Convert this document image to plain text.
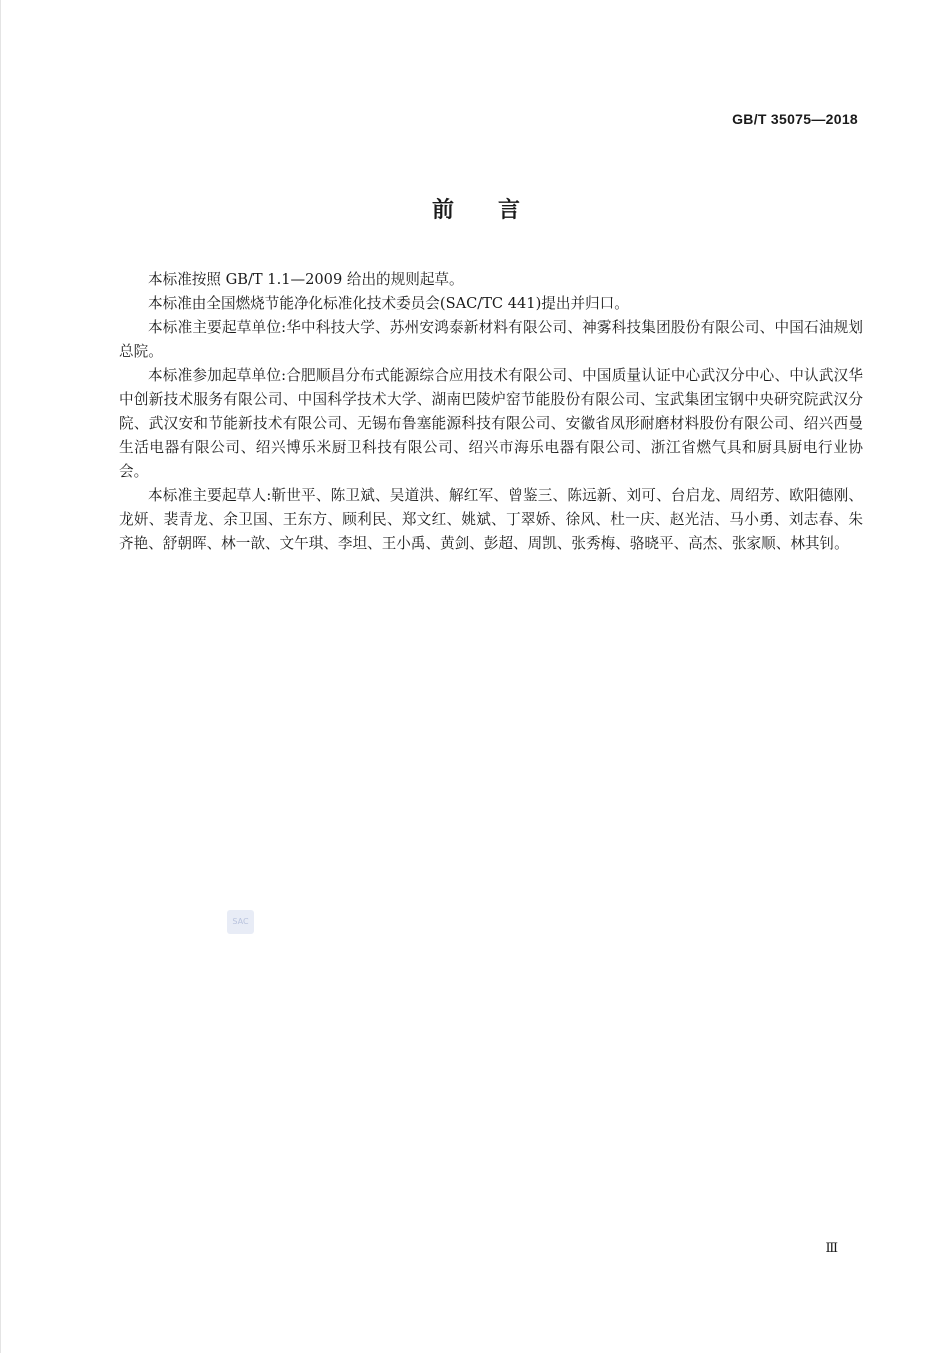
GB/T 35075—2018
前言

本标准按照 GB/T 1.1—2009 给出的规则起草。

本标准由全国燃烧节能净化标准化技术委员会(SAC/TC 441)提出并归口。

本标准主要起草单位:华中科技大学、苏州安鸿泰新材料有限公司、神雾科技集团股份有限公司、中国石油规划总院。

本标准参加起草单位:合肥顺昌分布式能源综合应用技术有限公司、中国质量认证中心武汉分中心、中认武汉华中创新技术服务有限公司、中国科学技术大学、湖南巴陵炉窑节能股份有限公司、宝武集团宝钢中央研究院武汉分院、武汉安和节能新技术有限公司、无锡布鲁塞能源科技有限公司、安徽省凤形耐磨材料股份有限公司、绍兴西曼生活电器有限公司、绍兴博乐米厨卫科技有限公司、绍兴市海乐电器有限公司、浙江省燃气具和厨具厨电行业协会。

本标准主要起草人:靳世平、陈卫斌、吴道洪、解红军、曾鉴三、陈远新、刘可、台启龙、周绍芳、欧阳德刚、龙妍、裴青龙、余卫国、王东方、顾利民、郑文红、姚斌、丁翠娇、徐风、杜一庆、赵光洁、马小勇、刘志春、朱齐艳、舒朝晖、林一歆、文午琪、李坦、王小禹、黄剑、彭超、周凯、张秀梅、骆晓平、高杰、张家顺、林其钊。

SAC
Ⅲ
